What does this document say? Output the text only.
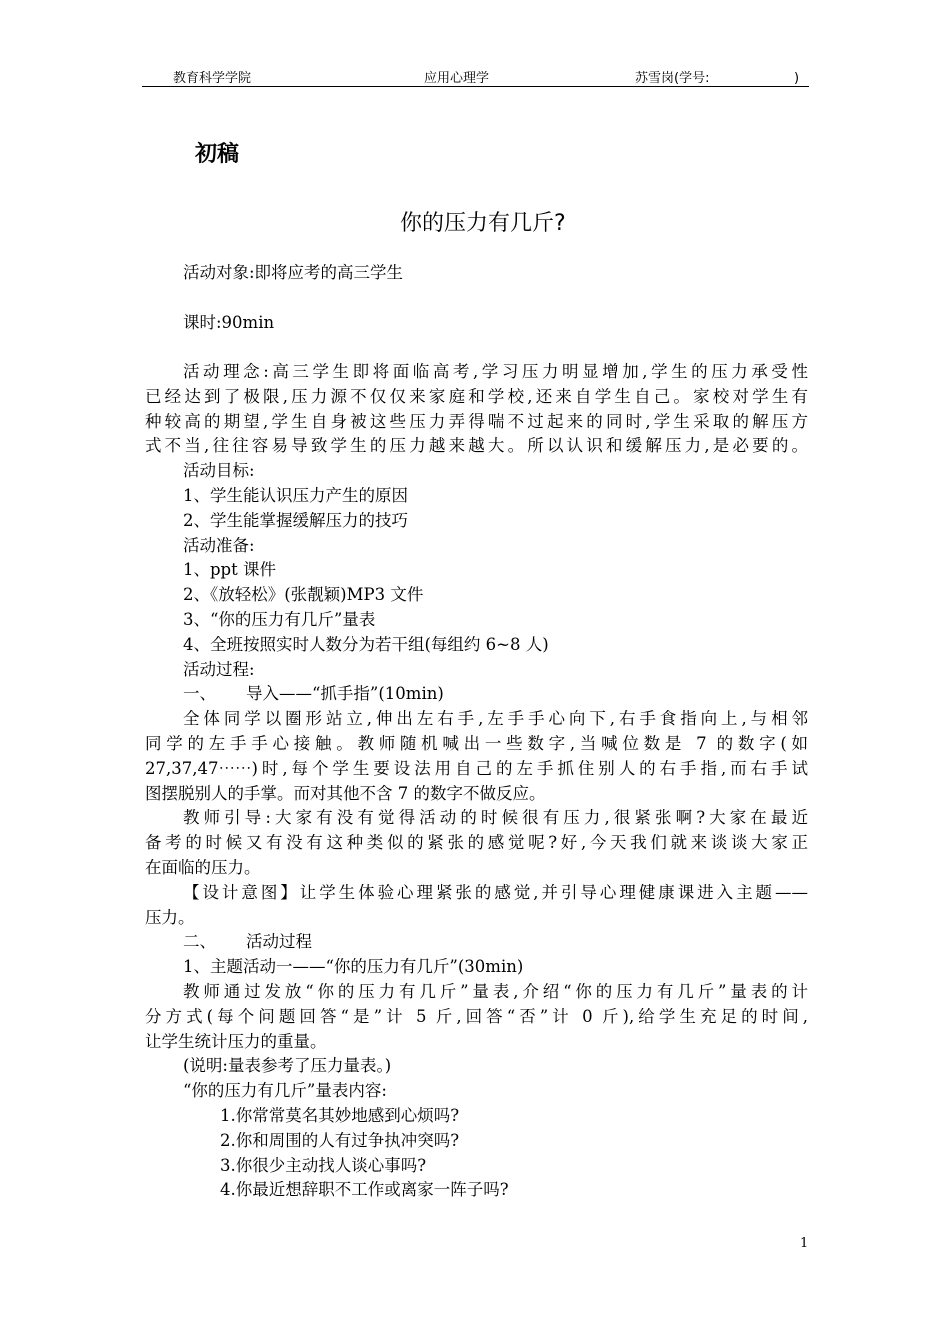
教育科学学院	应用心理学	苏雪岗(学号:	)
初稿
你的压力有几斤?
活动对象:即将应考的高三学生
课时:90min
活动理念:高三学生即将面临高考,学习压力明显增加,学生的压力承受性
已经达到了极限,压力源不仅仅来家庭和学校,还来自学生自己。家校对学生有
种较高的期望,学生自身被这些压力弄得喘不过起来的同时,学生采取的解压方
式不当,往往容易导致学生的压力越来越大。所以认识和缓解压力,是必要的。
活动目标:
1、学生能认识压力产生的原因
2、学生能掌握缓解压力的技巧
活动准备:
1、ppt 课件
2、《放轻松》(张靓颖)MP3 文件
3、“你的压力有几斤”量表
4、全班按照实时人数分为若干组(每组约 6~8 人)
活动过程:
一、 导入——“抓手指”(10min)
全体同学以圈形站立,伸出左右手,左手手心向下,右手食指向上,与相邻
同学的左手手心接触。教师随机喊出一些数字,当喊位数是 7 的数字(如
27,37,47⋯⋯)时,每个学生要设法用自己的左手抓住别人的右手指,而右手试
图摆脱别人的手掌。而对其他不含 7 的数字不做反应。
教师引导:大家有没有觉得活动的时候很有压力,很紧张啊?大家在最近
备考的时候又有没有这种类似的紧张的感觉呢?好,今天我们就来谈谈大家正
在面临的压力。
【设计意图】让学生体验心理紧张的感觉,并引导心理健康课进入主题——
压力。
二、 活动过程
1、主题活动一——“你的压力有几斤”(30min)
教师通过发放“你的压力有几斤”量表,介绍“你的压力有几斤”量表的计
分方式(每个问题回答“是”计 5 斤,回答“否”计 0 斤),给学生充足的时间,
让学生统计压力的重量。
(说明:量表参考了压力量表。)
“你的压力有几斤”量表内容:
1.你常常莫名其妙地感到心烦吗?
2.你和周围的人有过争执冲突吗?
3.你很少主动找人谈心事吗?
4.你最近想辞职不工作或离家一阵子吗?
1
